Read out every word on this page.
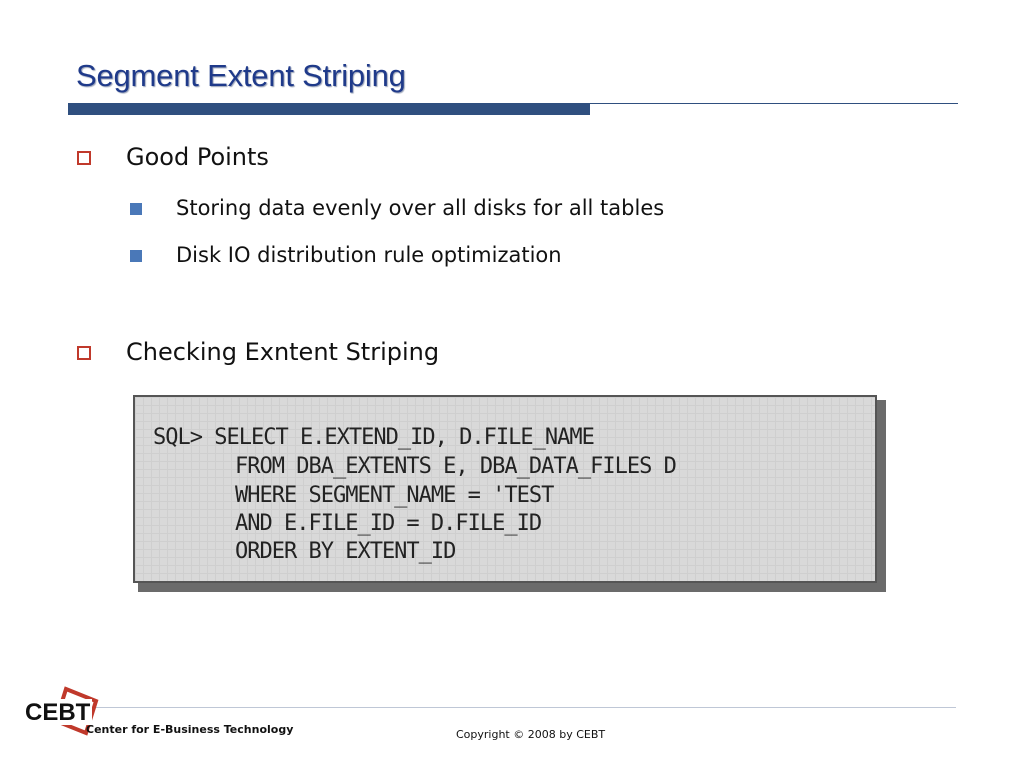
Segment Extent Striping
Good Points
Storing data evenly over all disks for all tables
Disk IO distribution rule optimization
Checking Exntent Striping
SQL> SELECT E.EXTEND_ID, D.FILE_NAME
FROM DBA_EXTENTS E, DBA_DATA_FILES D
WHERE SEGMENT_NAME = 'TEST
AND E.FILE_ID = D.FILE_ID
ORDER BY EXTENT_ID
CEBT
Center for E-Business Technology	Copyright © 2008 by CEBT
